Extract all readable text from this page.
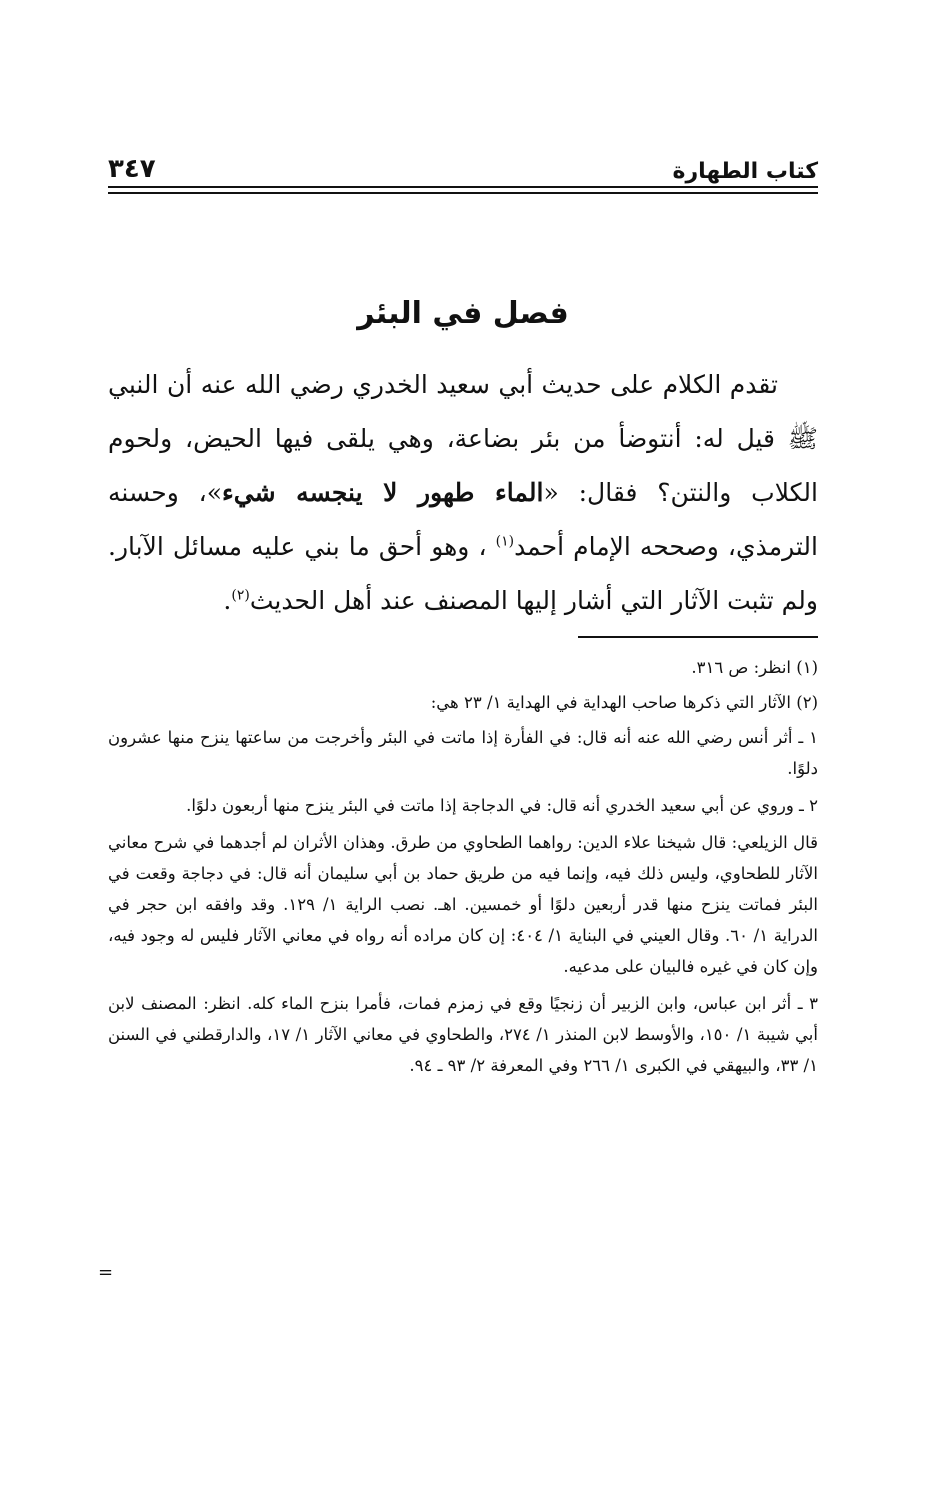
كتاب الطهارة
٣٤٧
فصل في البئر
تقدم الكلام على حديث أبي سعيد الخدري رضي الله عنه أن النبي ﷺ قيل له: أنتوضأ من بئر بضاعة، وهي يلقى فيها الحيض، ولحوم الكلاب والنتن؟ فقال: «الماء طهور لا ينجسه شيء»، وحسنه الترمذي، وصححه الإمام أحمد$^{(١)}$ ، وهو أحق ما بني عليه مسائل الآبار. ولم تثبت الآثار التي أشار إليها المصنف عند أهل الحديث$^{(٢)}$.

(١) انظر: ص ٣١٦.

(٢) الآثار التي ذكرها صاحب الهداية في الهداية ١/ ٢٣ هي:

١ ـ أثر أنس رضي الله عنه أنه قال: في الفأرة إذا ماتت في البئر وأخرجت من ساعتها ينزح منها عشرون دلوًا.

٢ ـ وروي عن أبي سعيد الخدري أنه قال: في الدجاجة إذا ماتت في البئر ينزح منها أربعون دلوًا.

قال الزيلعي: قال شيخنا علاء الدين: رواهما الطحاوي من طرق. وهذان الأثران لم أجدهما في شرح معاني الآثار للطحاوي، وليس ذلك فيه، وإنما فيه من طريق حماد بن أبي سليمان أنه قال: في دجاجة وقعت في البئر فماتت ينزح منها قدر أربعين دلوًا أو خمسين. اهـ. نصب الراية ١/ ١٢٩. وقد وافقه ابن حجر في الدراية ١/ ٦٠. وقال العيني في البناية ١/ ٤٠٤: إن كان مراده أنه رواه في معاني الآثار فليس له وجود فيه، وإن كان في غيره فالبيان على مدعيه.

٣ ـ أثر ابن عباس، وابن الزبير أن زنجيًا وقع في زمزم فمات، فأمرا بنزح الماء كله. انظر: المصنف لابن أبي شيبة ١/ ١٥٠، والأوسط لابن المنذر ١/ ٢٧٤، والطحاوي في معاني الآثار ١/ ١٧، والدارقطني في السنن ١/ ٣٣، والبيهقي في الكبرى ١/ ٢٦٦ وفي المعرفة ٢/ ٩٣ ـ ٩٤.

=
